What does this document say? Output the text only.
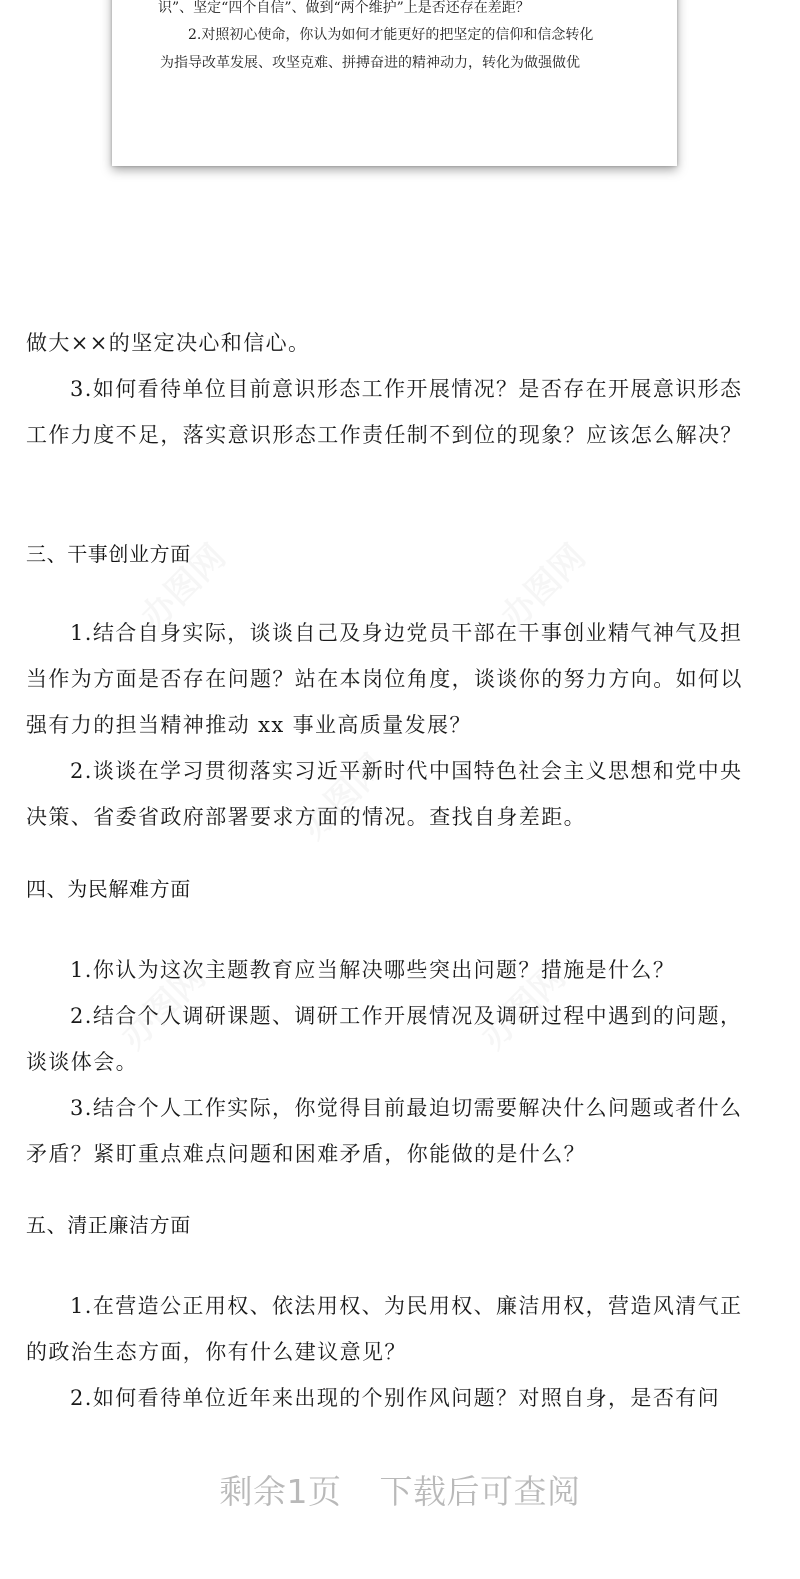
识”、坚定“四个自信”、做到“两个维护”上是否还存在差距？
2.对照初心使命，你认为如何才能更好的把坚定的信仰和信念转化
为指导改革发展、攻坚克难、拼搏奋进的精神动力，转化为做强做优
做大××的坚定决心和信心。
3.如何看待单位目前意识形态工作开展情况？是否存在开展意识形态工作力度不足，落实意识形态工作责任制不到位的现象？应该怎么解决？
三、干事创业方面
1.结合自身实际，谈谈自己及身边党员干部在干事创业精气神气及担当作为方面是否存在问题？站在本岗位角度，谈谈你的努力方向。如何以强有力的担当精神推动 xx 事业高质量发展？
2.谈谈在学习贯彻落实习近平新时代中国特色社会主义思想和党中央决策、省委省政府部署要求方面的情况。查找自身差距。
四、为民解难方面
1.你认为这次主题教育应当解决哪些突出问题？措施是什么？
2.结合个人调研课题、调研工作开展情况及调研过程中遇到的问题，谈谈体会。
3.结合个人工作实际，你觉得目前最迫切需要解决什么问题或者什么矛盾？紧盯重点难点问题和困难矛盾，你能做的是什么？
五、清正廉洁方面
1.在营造公正用权、依法用权、为民用权、廉洁用权，营造风清气正的政治生态方面，你有什么建议意见？
2.如何看待单位近年来出现的个别作风问题？对照自身，是否有问
剩余1页 下载后可查阅
